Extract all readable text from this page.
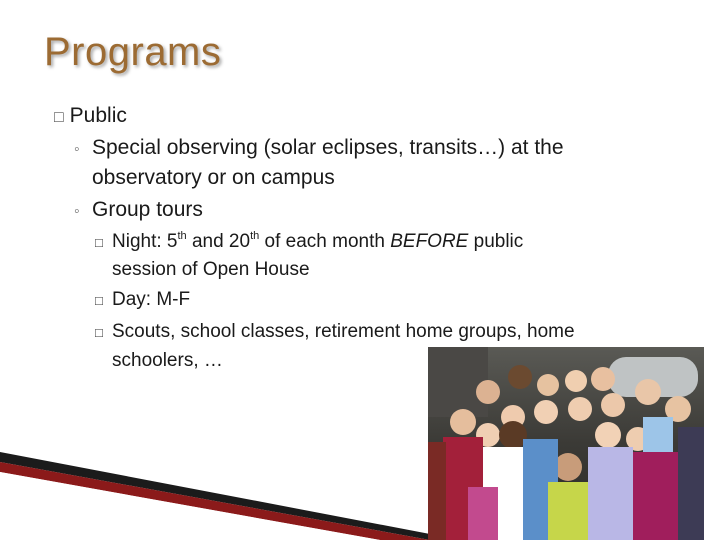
Programs
□ Public
◦ Special observing (solar eclipses, transits…) at the
observatory or on campus
◦ Group tours
□ Night: 5th and 20th of each month BEFORE public
session of Open House
□ Day: M-F
□ Scouts, school classes, retirement home groups, home
schoolers, …
